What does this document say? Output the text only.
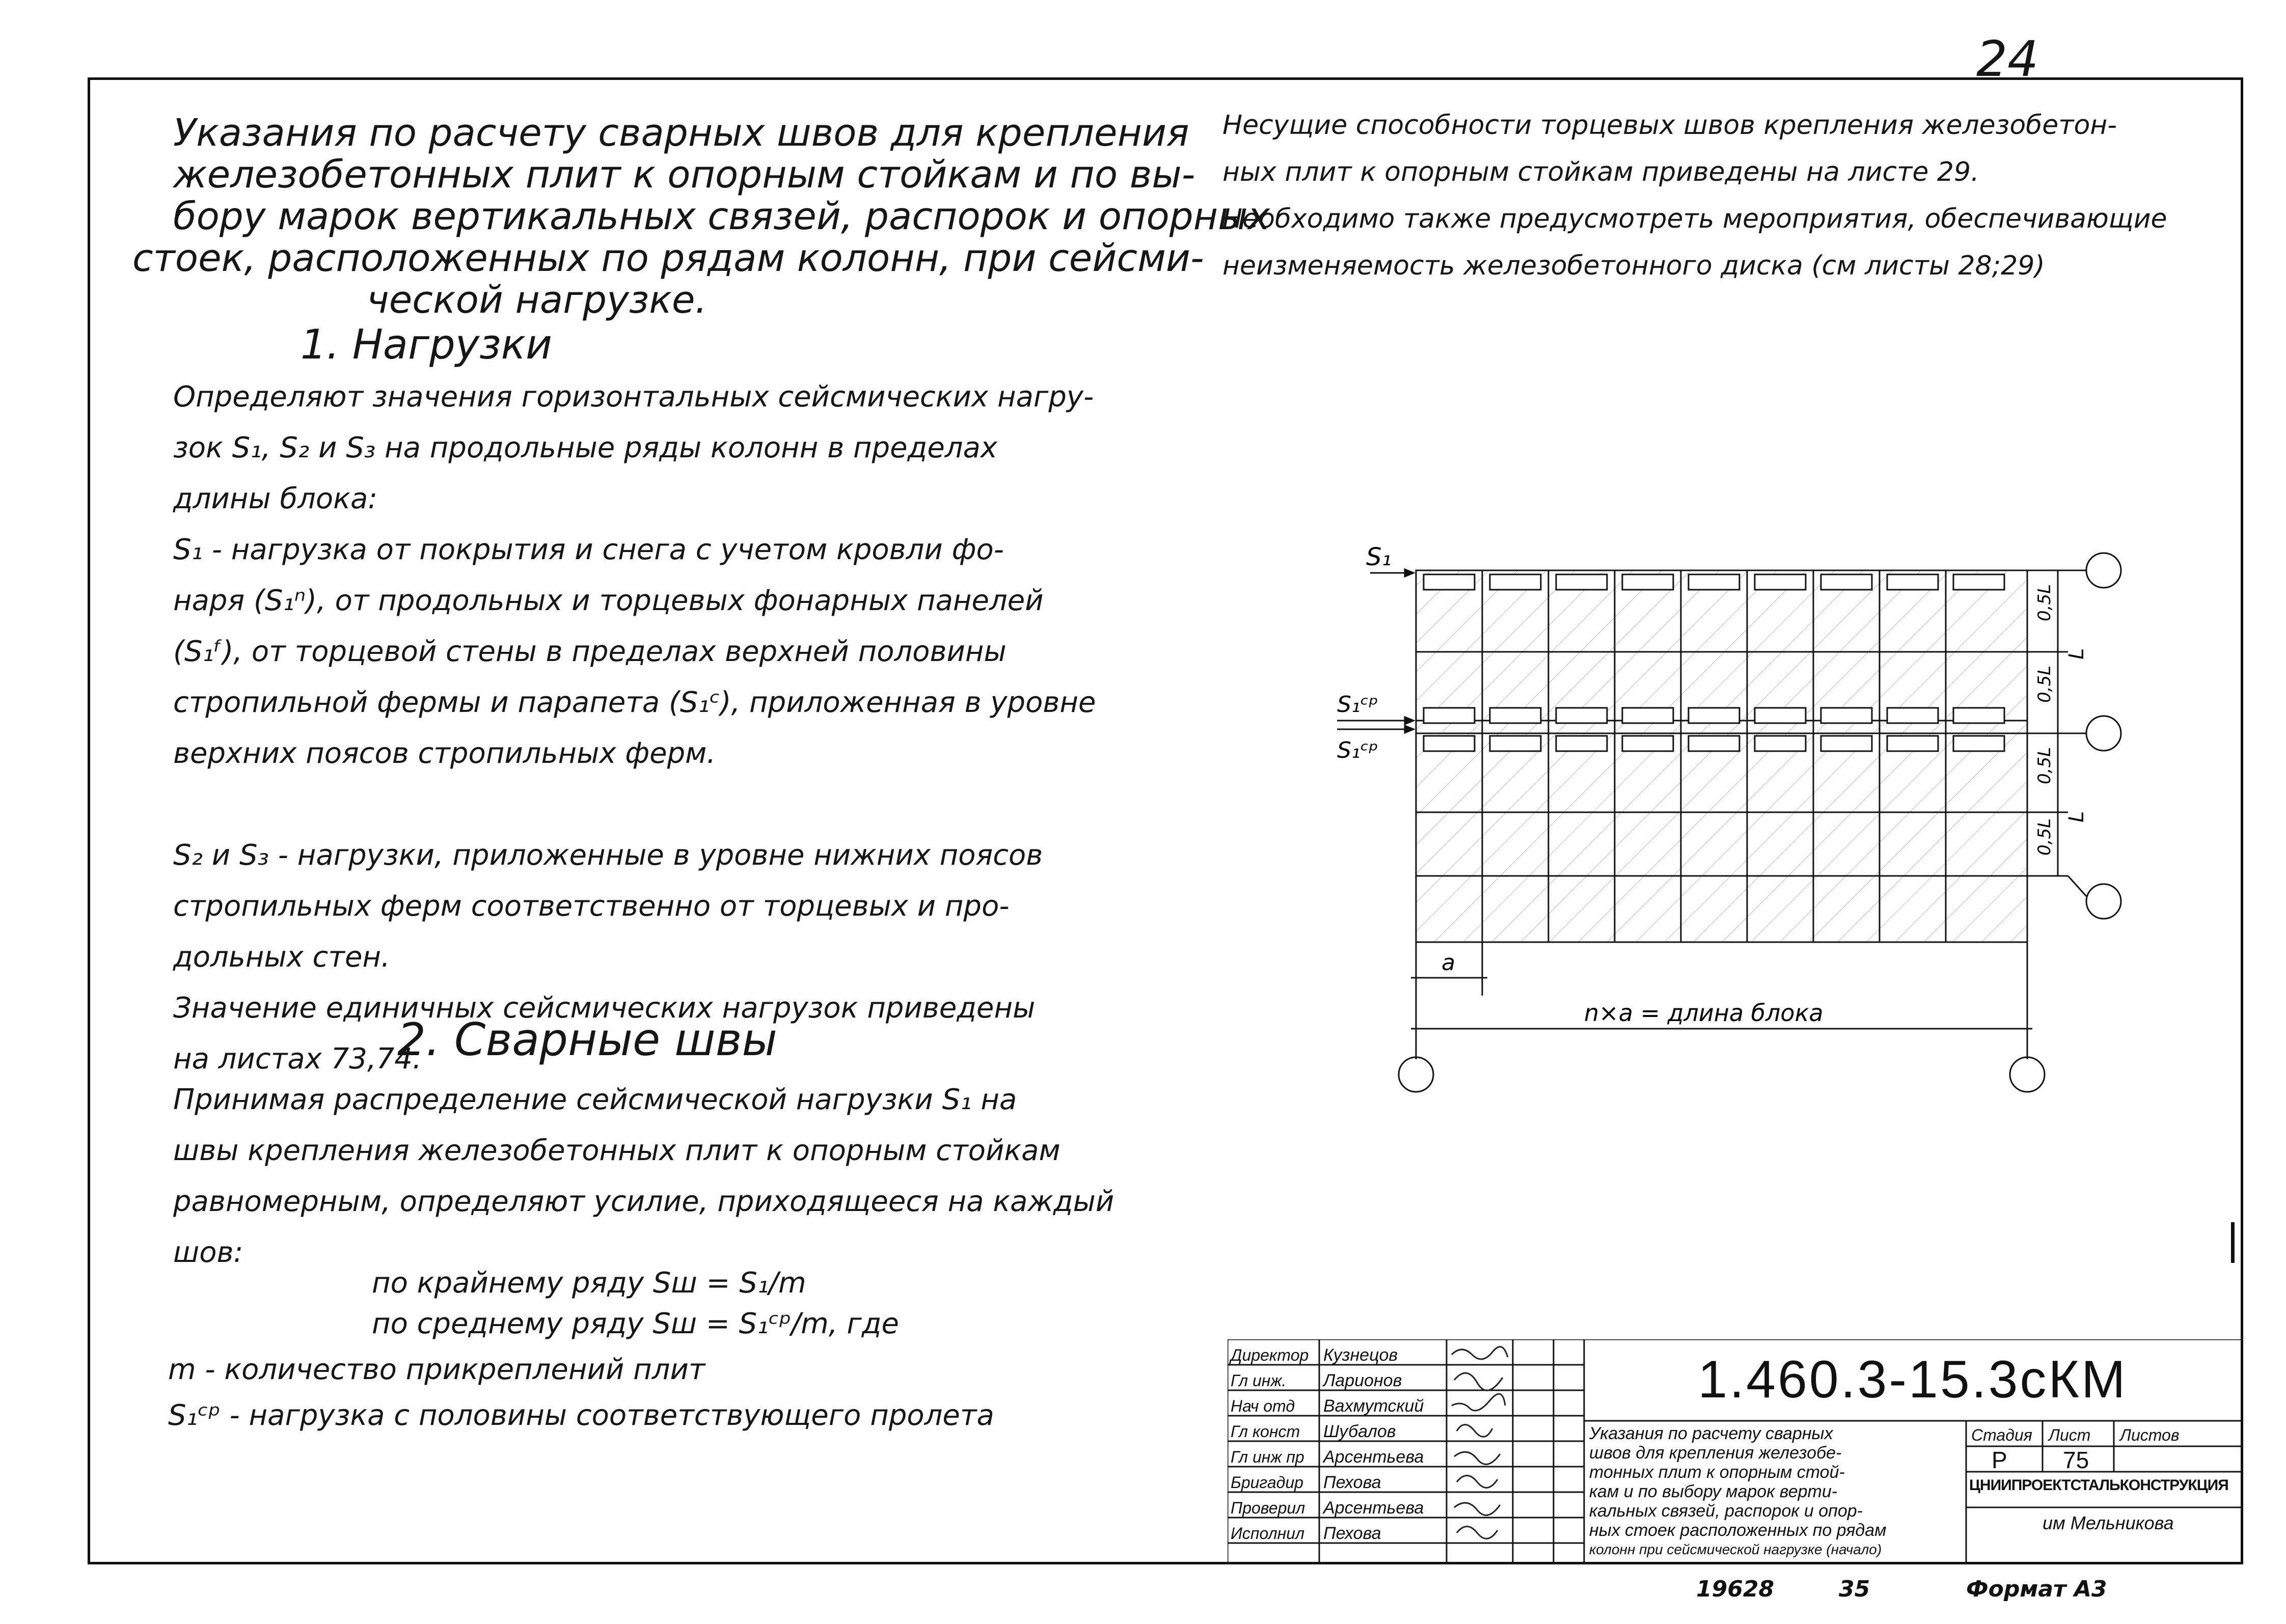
24
Указания по расчету сварных швов для крепления
железобетонных плит к опорным стойкам и по вы-
бору марок вертикальных связей, распорок и опорных
стоек, расположенных по рядам колонн, при сейсми-
ческой нагрузке.
1. Нагрузки
Определяют значения горизонтальных сейсмических нагру-
зок S₁, S₂ и S₃ на продольные ряды колонн в пределах
длины блока:
S₁ - нагрузка от покрытия и снега с учетом кровли фо-
наря (S₁ⁿ), от продольных и торцевых фонарных панелей
(S₁ᶠ), от торцевой стены в пределах верхней половины
стропильной фермы и парапета (S₁ᶜ), приложенная в уровне
верхних поясов стропильных ферм.

S₂ и S₃ - нагрузки, приложенные в уровне нижних поясов
стропильных ферм соответственно от торцевых и про-
дольных стен.
Значение единичных сейсмических нагрузок приведены
на листах 73,74.
2. Сварные швы
Принимая распределение сейсмической нагрузки S₁ на
швы крепления железобетонных плит к опорным стойкам
равномерным, определяют усилие, приходящееся на каждый
шов:
по крайнему ряду Sш = S₁/m
по среднему ряду Sш = S₁ᶜᵖ/m, где
m - количество прикреплений плит
S₁ᶜᵖ - нагрузка с половины соответствующего пролета
Несущие способности торцевых швов крепления железобетон-
ных плит к опорным стойкам приведены на листе 29.
Необходимо также предусмотреть мероприятия, обеспечивающие
неизменяемость железобетонного диска (см листы 28;29)
S₁
S₁ᶜᵖ
S₁ᶜᵖ
0,5L
0,5L
0,5L
0,5L
L
L
a
n×a = длина блока
Директор
Гл инж.
Нач отд
Гл конст
Гл инж пр
Бригадир
Проверил
Исполнил
Кузнецов
Ларионов
Вахмутский
Шубалов
Арсентьева
Пехова
Арсентьева
Пехова
1.460.3-15.3сКМ
Указания по расчету сварных
швов для крепления железобе-
тонных плит к опорным стой-
кам и по выбору марок верти-
кальных связей, распорок и опор-
ных стоек расположенных по рядам
колонн при сейсмической нагрузке (начало)
Стадия Лист Листов
Р 75
ЦНИИПРОЕКТСТАЛЬКОНСТРУКЦИЯ
им Мельникова
19628	35	Формат А3
